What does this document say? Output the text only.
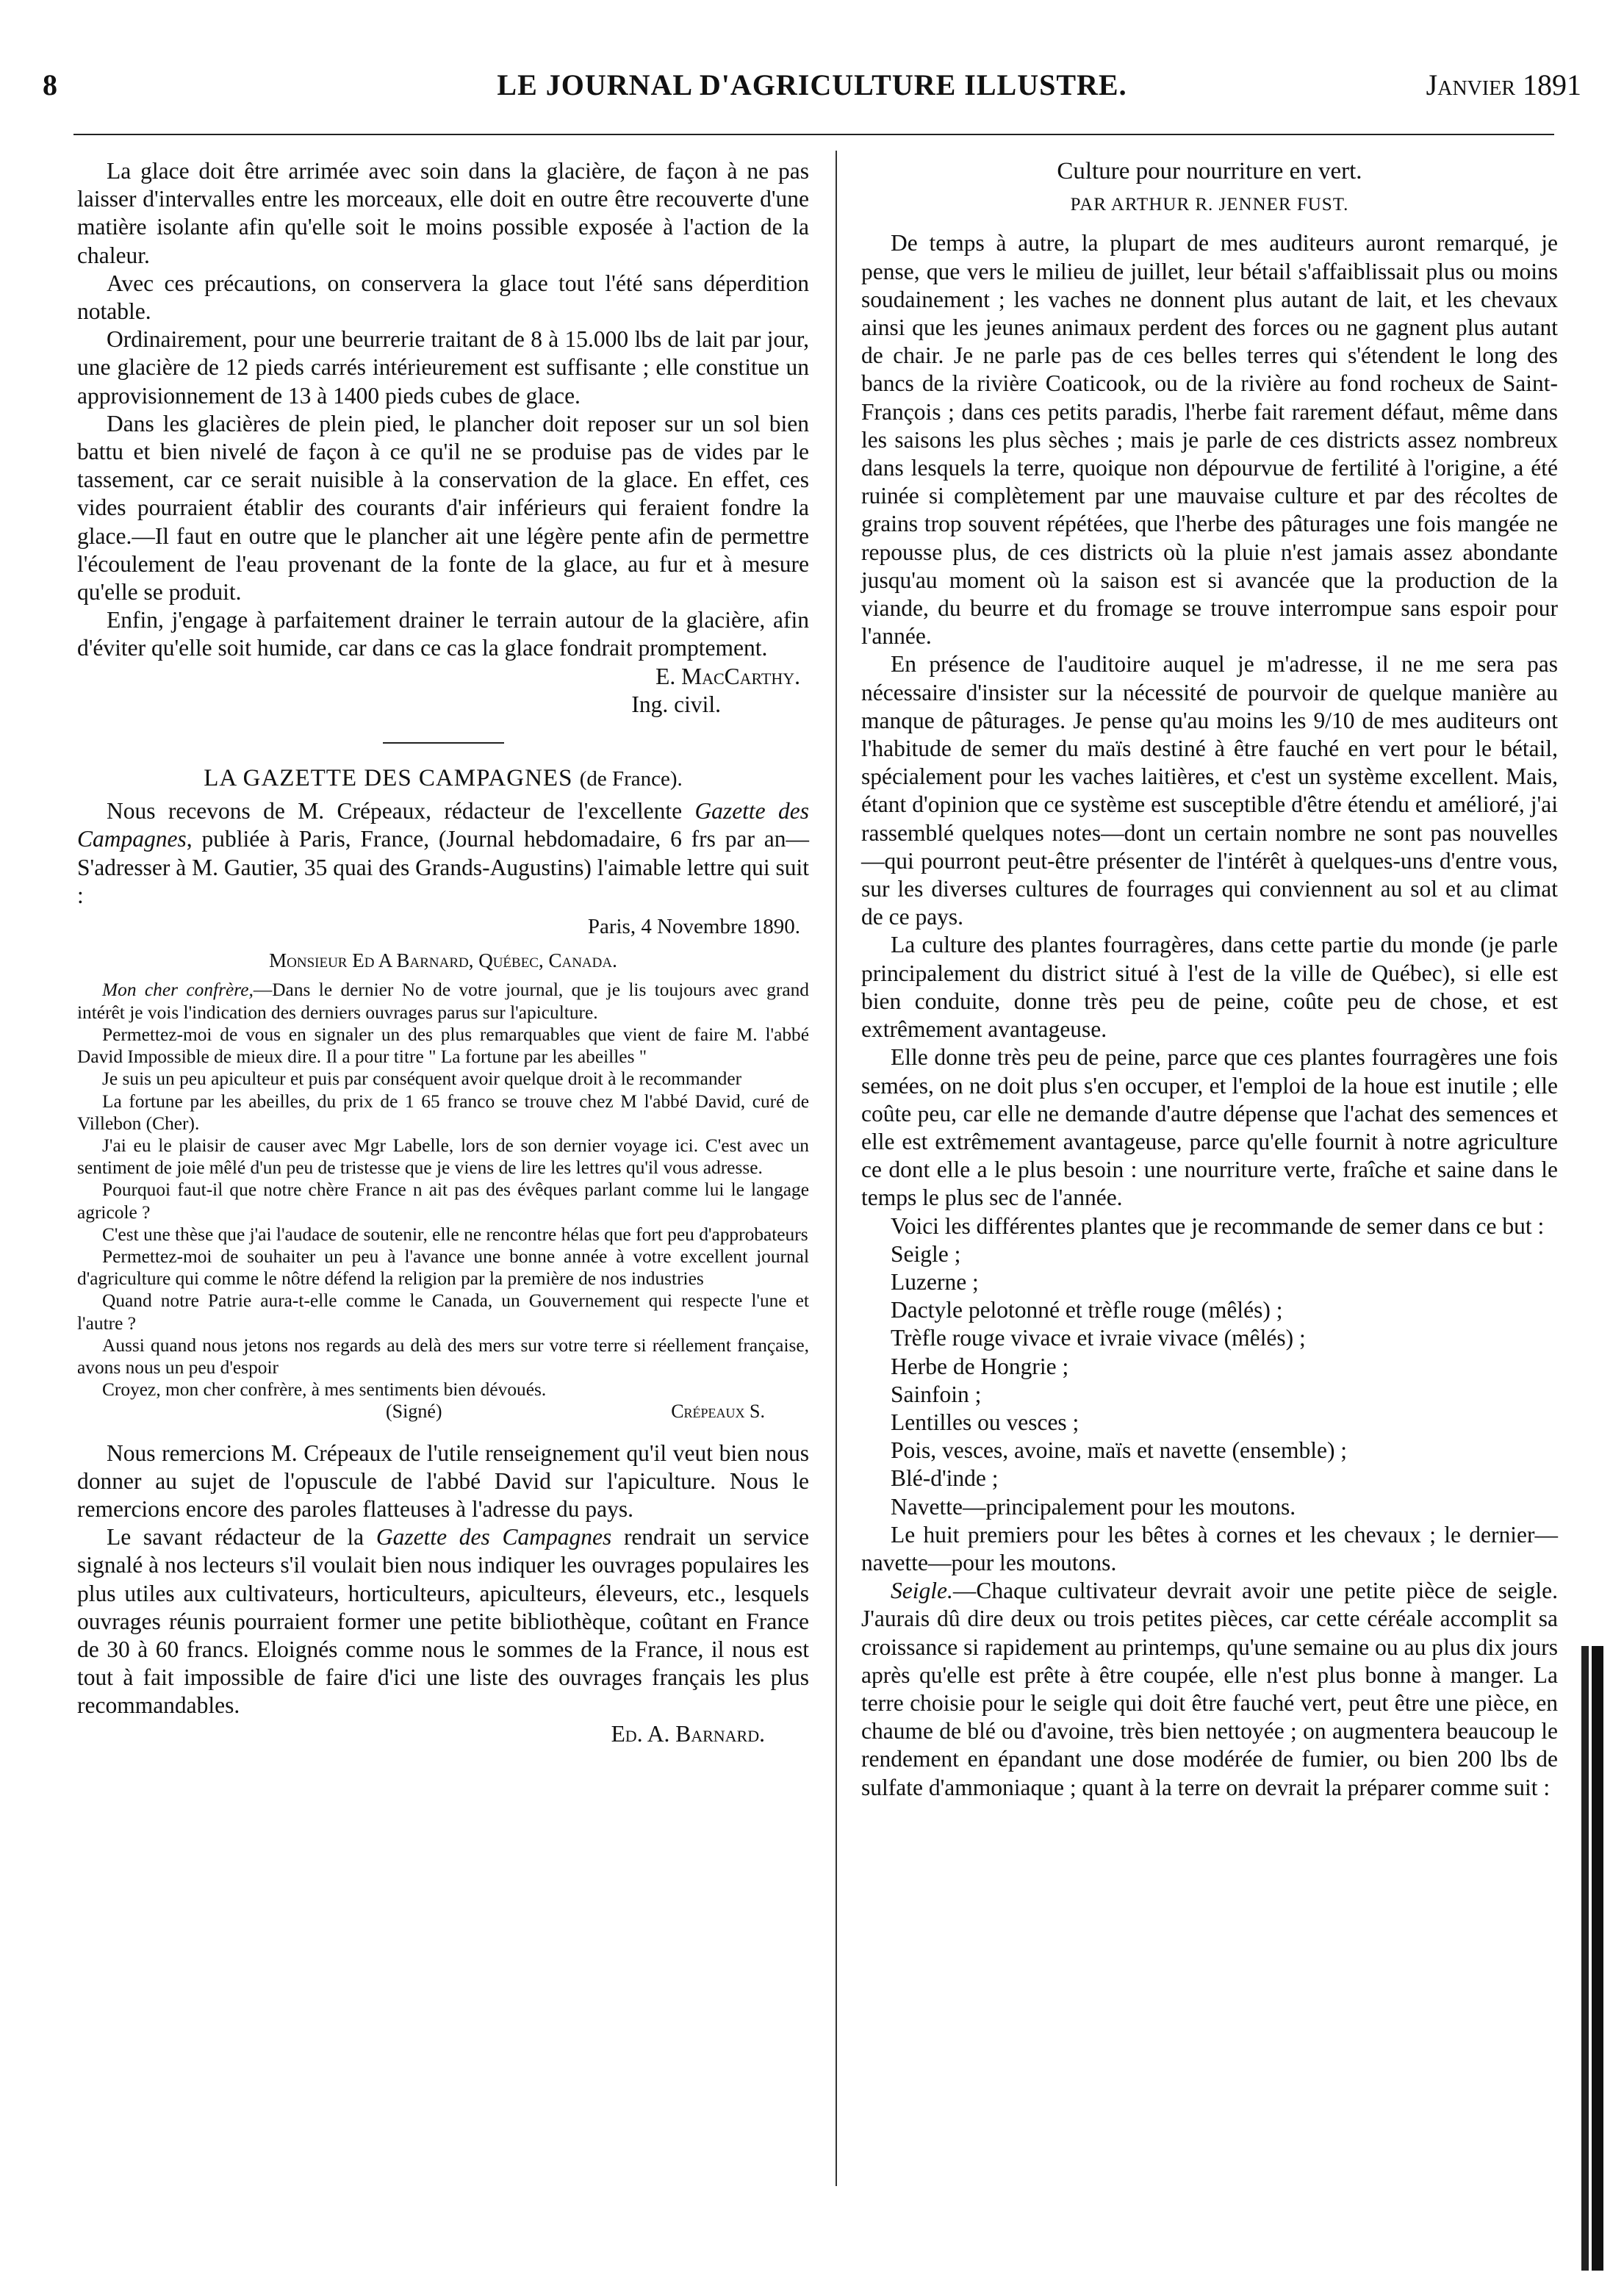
8	LE JOURNAL D'AGRICULTURE ILLUSTRE.	Janvier 1891

La glace doit être arrimée avec soin dans la glacière, de façon à ne pas laisser d'intervalles entre les morceaux, elle doit en outre être recouverte d'une matière isolante afin qu'elle soit le moins possible exposée à l'action de la chaleur.

Avec ces précautions, on conservera la glace tout l'été sans déperdition notable.

Ordinairement, pour une beurrerie traitant de 8 à 15.000 lbs de lait par jour, une glacière de 12 pieds carrés intérieurement est suffisante ; elle constitue un approvisionnement de 13 à 1400 pieds cubes de glace.

Dans les glacières de plein pied, le plancher doit reposer sur un sol bien battu et bien nivelé de façon à ce qu'il ne se produise pas de vides par le tassement, car ce serait nuisible à la conservation de la glace. En effet, ces vides pourraient établir des courants d'air inférieurs qui feraient fondre la glace.—Il faut en outre que le plancher ait une légère pente afin de permettre l'écoulement de l'eau provenant de la fonte de la glace, au fur et à mesure qu'elle se produit.

Enfin, j'engage à parfaitement drainer le terrain autour de la glacière, afin d'éviter qu'elle soit humide, car dans ce cas la glace fondrait promptement.

E. MacCarthy.

Ing. civil.

LA GAZETTE DES CAMPAGNES (de France).

Nous recevons de M. Crépeaux, rédacteur de l'excellente Gazette des Campagnes, publiée à Paris, France, (Journal hebdomadaire, 6 frs par an—S'adresser à M. Gautier, 35 quai des Grands-Augustins) l'aimable lettre qui suit :

Paris, 4 Novembre 1890.

Monsieur Ed A Barnard, Québec, Canada.

Mon cher confrère,—Dans le dernier No de votre journal, que je lis toujours avec grand intérêt je vois l'indication des derniers ouvrages parus sur l'apiculture.

Permettez-moi de vous en signaler un des plus remarquables que vient de faire M. l'abbé David Impossible de mieux dire. Il a pour titre " La fortune par les abeilles "

Je suis un peu apiculteur et puis par conséquent avoir quelque droit à le recommander

La fortune par les abeilles, du prix de 1 65 franco se trouve chez M l'abbé David, curé de Villebon (Cher).

J'ai eu le plaisir de causer avec Mgr Labelle, lors de son dernier voyage ici. C'est avec un sentiment de joie mêlé d'un peu de tristesse que je viens de lire les lettres qu'il vous adresse.

Pourquoi faut-il que notre chère France n ait pas des évêques parlant comme lui le langage agricole ?

C'est une thèse que j'ai l'audace de soutenir, elle ne rencontre hélas que fort peu d'approbateurs

Permettez-moi de souhaiter un peu à l'avance une bonne année à votre excellent journal d'agriculture qui comme le nôtre défend la religion par la première de nos industries

Quand notre Patrie aura-t-elle comme le Canada, un Gouvernement qui respecte l'une et l'autre ?

Aussi quand nous jetons nos regards au delà des mers sur votre terre si réellement française, avons nous un peu d'espoir

Croyez, mon cher confrère, à mes sentiments bien dévoués.

(Signé)	Crépeaux S.

Nous remercions M. Crépeaux de l'utile renseignement qu'il veut bien nous donner au sujet de l'opuscule de l'abbé David sur l'apiculture. Nous le remercions encore des paroles flatteuses à l'adresse du pays.

Le savant rédacteur de la Gazette des Campagnes rendrait un service signalé à nos lecteurs s'il voulait bien nous indiquer les ouvrages populaires les plus utiles aux cultivateurs, horticulteurs, apiculteurs, éleveurs, etc., lesquels ouvrages réunis pourraient former une petite bibliothèque, coûtant en France de 30 à 60 francs. Eloignés comme nous le sommes de la France, il nous est tout à fait impossible de faire d'ici une liste des ouvrages français les plus recommandables.

Ed. A. Barnard.

Culture pour nourriture en vert.

PAR ARTHUR R. JENNER FUST.

De temps à autre, la plupart de mes auditeurs auront remarqué, je pense, que vers le milieu de juillet, leur bétail s'affaiblissait plus ou moins soudainement ; les vaches ne donnent plus autant de lait, et les chevaux ainsi que les jeunes animaux perdent des forces ou ne gagnent plus autant de chair. Je ne parle pas de ces belles terres qui s'étendent le long des bancs de la rivière Coaticook, ou de la rivière au fond rocheux de Saint-François ; dans ces petits paradis, l'herbe fait rarement défaut, même dans les saisons les plus sèches ; mais je parle de ces districts assez nombreux dans lesquels la terre, quoique non dépourvue de fertilité à l'origine, a été ruinée si complètement par une mauvaise culture et par des récoltes de grains trop souvent répétées, que l'herbe des pâturages une fois mangée ne repousse plus, de ces districts où la pluie n'est jamais assez abondante jusqu'au moment où la saison est si avancée que la production de la viande, du beurre et du fromage se trouve interrompue sans espoir pour l'année.

En présence de l'auditoire auquel je m'adresse, il ne me sera pas nécessaire d'insister sur la nécessité de pourvoir de quelque manière au manque de pâturages. Je pense qu'au moins les 9/10 de mes auditeurs ont l'habitude de semer du maïs destiné à être fauché en vert pour le bétail, spécialement pour les vaches laitières, et c'est un système excellent. Mais, étant d'opinion que ce système est susceptible d'être étendu et amélioré, j'ai rassemblé quelques notes—dont un certain nombre ne sont pas nouvelles—qui pourront peut-être présenter de l'intérêt à quelques-uns d'entre vous, sur les diverses cultures de fourrages qui conviennent au sol et au climat de ce pays.

La culture des plantes fourragères, dans cette partie du monde (je parle principalement du district situé à l'est de la ville de Québec), si elle est bien conduite, donne très peu de peine, coûte peu de chose, et est extrêmement avantageuse.

Elle donne très peu de peine, parce que ces plantes fourragères une fois semées, on ne doit plus s'en occuper, et l'emploi de la houe est inutile ; elle coûte peu, car elle ne demande d'autre dépense que l'achat des semences et elle est extrêmement avantageuse, parce qu'elle fournit à notre agriculture ce dont elle a le plus besoin : une nourriture verte, fraîche et saine dans le temps le plus sec de l'année.

Voici les différentes plantes que je recommande de semer dans ce but :

Seigle ;

Luzerne ;

Dactyle pelotonné et trèfle rouge (mêlés) ;

Trèfle rouge vivace et ivraie vivace (mêlés) ;

Herbe de Hongrie ;

Sainfoin ;

Lentilles ou vesces ;

Pois, vesces, avoine, maïs et navette (ensemble) ;

Blé-d'inde ;

Navette—principalement pour les moutons.

Le huit premiers pour les bêtes à cornes et les chevaux ; le dernier—navette—pour les moutons.

Seigle.—Chaque cultivateur devrait avoir une petite pièce de seigle. J'aurais dû dire deux ou trois petites pièces, car cette céréale accomplit sa croissance si rapidement au printemps, qu'une semaine ou au plus dix jours après qu'elle est prête à être coupée, elle n'est plus bonne à manger. La terre choisie pour le seigle qui doit être fauché vert, peut être une pièce, en chaume de blé ou d'avoine, très bien nettoyée ; on augmentera beaucoup le rendement en épandant une dose modérée de fumier, ou bien 200 lbs de sulfate d'ammoniaque ; quant à la terre on devrait la préparer comme suit :
